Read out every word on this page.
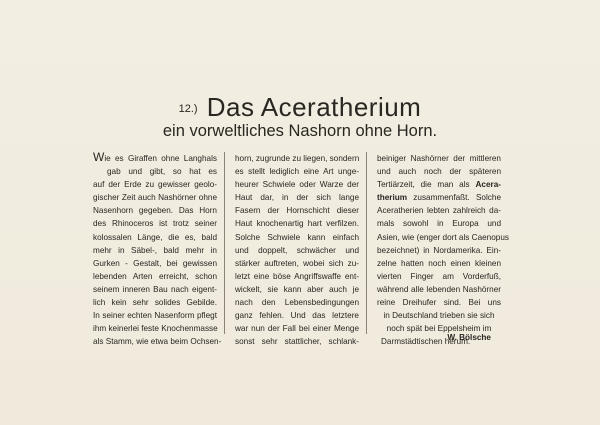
$^{12.)}$ Das Aceratherium
ein vorweltliches Nashorn ohne Horn.
Wie es Giraffen ohne Langhals
gab und gibt, so hat es
auf der Erde zu gewisser geolo-
gischer Zeit auch Nashörner ohne
Nasenhorn gegeben. Das Horn
des Rhinoceros ist trotz seiner
kolossalen Länge, die es, bald
mehr in Säbel-, bald mehr in
Gurken - Gestalt, bei gewissen
lebenden Arten erreicht, schon
seinem inneren Bau nach eigent-
lich kein sehr solides Gebilde.
In seiner echten Nasenform pflegt
ihm keinerlei feste Knochenmasse
als Stamm, wie etwa beim Ochsen-
horn, zugrunde zu liegen, sondern
es stellt lediglich eine Art unge-
heurer Schwiele oder Warze der
Haut dar, in der sich lange
Fasern der Hornschicht dieser
Haut knochenartig hart verfilzen.
Solche Schwiele kann einfach
und doppelt, schwächer und
stärker auftreten, wobei sich zu-
letzt eine böse Angriffswaffe ent-
wickelt, sie kann aber auch je
nach den Lebensbedingungen
ganz fehlen. Und das letztere
war nun der Fall bei einer Menge
sonst sehr stattlicher, schlank-
beiniger Nashörner der mittleren
und auch noch der späteren
Tertiärzeit, die man als Acera-
therium zusammenfaßt. Solche
Aceratherien lebten zahlreich da-
mals sowohl in Europa und
Asien, wie (enger dort als Caenopus
bezeichnet) in Nordamerika. Ein-
zelne hatten noch einen kleinen
vierten Finger am Vorderfuß,
während alle lebenden Nashörner
reine Dreihufer sind. Bei uns
in Deutschland trieben sie sich
noch spät bei Eppelsheim im
Darmstädtischen herum.
W. Bölsche
